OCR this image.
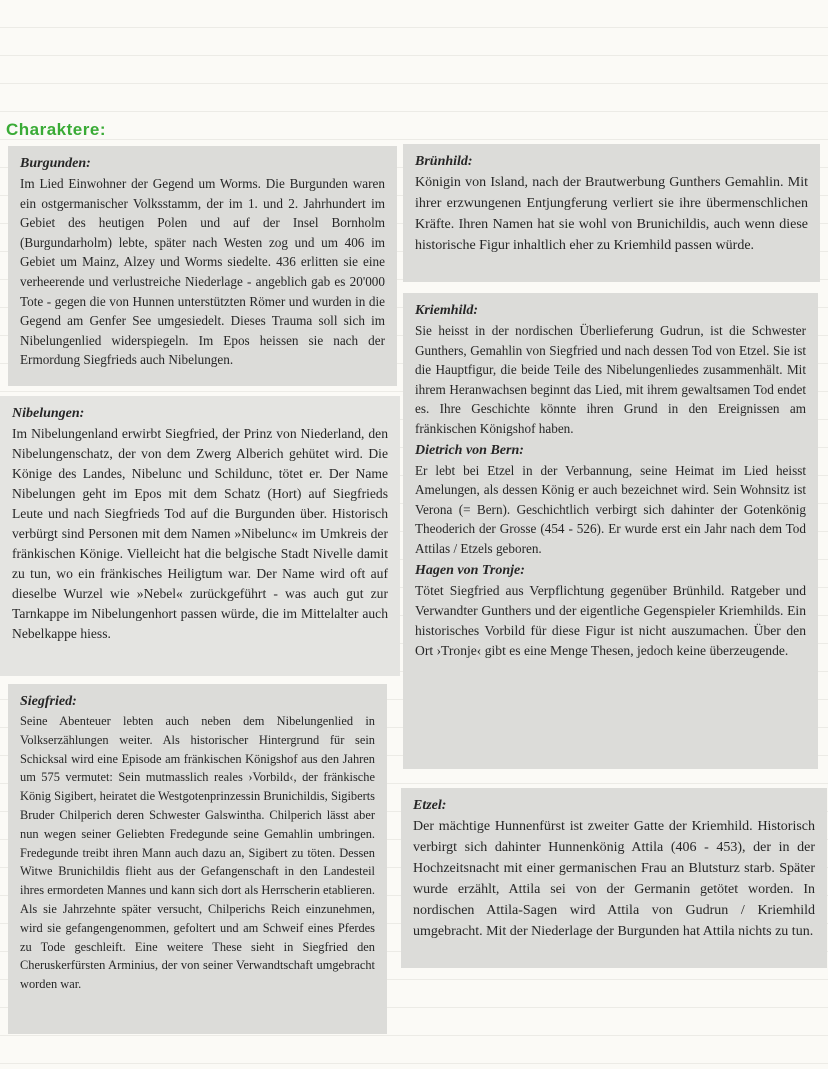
Charaktere:
Burgunden:

Im Lied Einwohner der Gegend um Worms. Die Burgunden waren ein ostgermanischer Volksstamm, der im 1. und 2. Jahrhundert im Gebiet des heutigen Polen und auf der Insel Bornholm (Burgundarholm) lebte, später nach Westen zog und um 406 im Gebiet um Mainz, Alzey und Worms siedelte. 436 erlitten sie eine verheerende und verlustreiche Niederlage - angeblich gab es 20'000 Tote - gegen die von Hunnen unterstützten Römer und wurden in die Gegend am Genfer See umgesiedelt. Dieses Trauma soll sich im Nibelungenlied widerspiegeln. Im Epos heissen sie nach der Ermordung Siegfrieds auch Nibelungen.

Nibelungen:

Im Nibelungenland erwirbt Siegfried, der Prinz von Niederland, den Nibelungenschatz, der von dem Zwerg Alberich gehütet wird. Die Könige des Landes, Nibelunc und Schildunc, tötet er. Der Name Nibelungen geht im Epos mit dem Schatz (Hort) auf Siegfrieds Leute und nach Siegfrieds Tod auf die Burgunden über. Historisch verbürgt sind Personen mit dem Namen »Nibelunc« im Umkreis der fränkischen Könige. Vielleicht hat die belgische Stadt Nivelle damit zu tun, wo ein fränkisches Heiligtum war. Der Name wird oft auf dieselbe Wurzel wie »Nebel« zurückgeführt - was auch gut zur Tarnkappe im Nibelungenhort passen würde, die im Mittelalter auch Nebelkappe hiess.

Siegfried:

Seine Abenteuer lebten auch neben dem Nibelungenlied in Volkserzählungen weiter. Als historischer Hintergrund für sein Schicksal wird eine Episode am fränkischen Königshof aus den Jahren um 575 vermutet: Sein mutmasslich reales ›Vorbild‹, der fränkische König Sigibert, heiratet die Westgotenprinzessin Brunichildis, Sigiberts Bruder Chilperich deren Schwester Galswintha. Chilperich lässt aber nun wegen seiner Geliebten Fredegunde seine Gemahlin umbringen. Fredegunde treibt ihren Mann auch dazu an, Sigibert zu töten. Dessen Witwe Brunichildis flieht aus der Gefangenschaft in den Landesteil ihres ermordeten Mannes und kann sich dort als Herrscherin etablieren. Als sie Jahrzehnte später versucht, Chilperichs Reich einzunehmen, wird sie gefangengenommen, gefoltert und am Schweif eines Pferdes zu Tode geschleift. Eine weitere These sieht in Siegfried den Cheruskerfürsten Arminius, der von seiner Verwandtschaft umgebracht worden war.

Brünhild:

Königin von Island, nach der Brautwerbung Gunthers Gemahlin. Mit ihrer erzwungenen Entjungferung verliert sie ihre übermenschlichen Kräfte. Ihren Namen hat sie wohl von Brunichildis, auch wenn diese historische Figur inhaltlich eher zu Kriemhild passen würde.

Kriemhild:

Sie heisst in der nordischen Überlieferung Gudrun, ist die Schwester Gunthers, Gemahlin von Siegfried und nach dessen Tod von Etzel. Sie ist die Hauptfigur, die beide Teile des Nibelungenliedes zusammenhält. Mit ihrem Heranwachsen beginnt das Lied, mit ihrem gewaltsamen Tod endet es. Ihre Geschichte könnte ihren Grund in den Ereignissen am fränkischen Königshof haben.

Dietrich von Bern:

Er lebt bei Etzel in der Verbannung, seine Heimat im Lied heisst Amelungen, als dessen König er auch bezeichnet wird. Sein Wohnsitz ist Verona (= Bern). Geschichtlich verbirgt sich dahinter der Gotenkönig Theoderich der Grosse (454 - 526). Er wurde erst ein Jahr nach dem Tod Attilas / Etzels geboren.

Hagen von Tronje:

Tötet Siegfried aus Verpflichtung gegenüber Brünhild. Ratgeber und Verwandter Gunthers und der eigentliche Gegenspieler Kriemhilds. Ein historisches Vorbild für diese Figur ist nicht auszumachen. Über den Ort ›Tronje‹ gibt es eine Menge Thesen, jedoch keine überzeugende.

Etzel:

Der mächtige Hunnenfürst ist zweiter Gatte der Kriemhild. Historisch verbirgt sich dahinter Hunnenkönig Attila (406 - 453), der in der Hochzeitsnacht mit einer germanischen Frau an Blutsturz starb. Später wurde erzählt, Attila sei von der Germanin getötet worden. In nordischen Attila-Sagen wird Attila von Gudrun / Kriemhild umgebracht. Mit der Niederlage der Burgunden hat Attila nichts zu tun.
